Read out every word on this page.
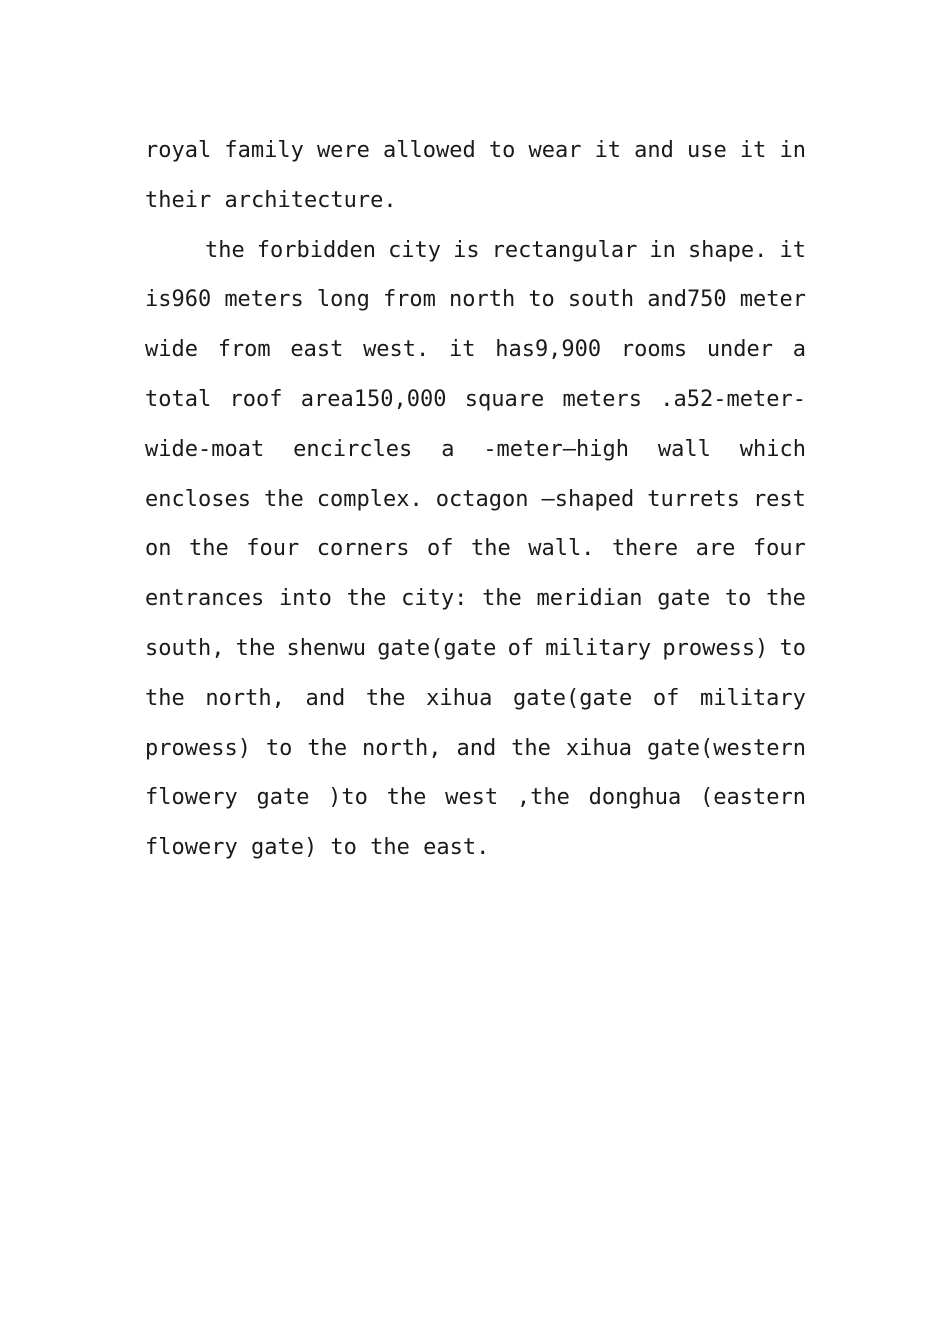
royal family were allowed to wear it and use it in
their architecture.
the forbidden city is rectangular in shape. it
is960 meters long from north to south and750 meter
wide from east west. it has9,900 rooms under a
total roof area150,000 square meters .a52-meter-
wide-moat encircles a -meter—high wall which
encloses the complex. octagon —shaped turrets rest
on the four corners of the wall. there are four
entrances into the city: the meridian gate to the
south, the shenwu gate(gate of military prowess) to
the north, and the xihua gate(gate of military
prowess) to the north, and the xihua gate(western
flowery gate )to the west ,the donghua (eastern
flowery gate) to the east.
